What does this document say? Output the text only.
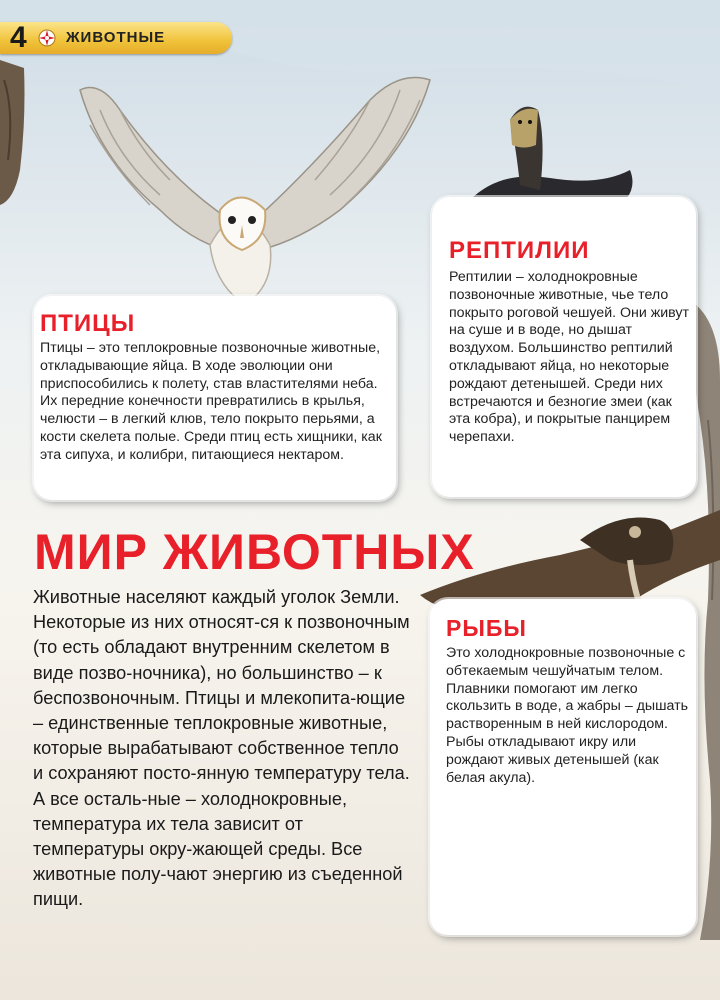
4	ЖИВОТНЫЕ
ПТИЦЫ

Птицы – это теплокровные позвоночные животные, откладывающие яйца. В ходе эволюции они приспособились к полету, став властителями неба. Их передние конечности превратились в крылья, челюсти – в легкий клюв, тело покрыто перьями, а кости скелета полые. Среди птиц есть хищники, как эта сипуха, и колибри, питающиеся нектаром.

РЕПТИЛИИ

Рептилии – холоднокровные позвоночные животные, чье тело покрыто роговой чешуей. Они живут на суше и в воде, но дышат воздухом. Большинство рептилий откладывают яйца, но некоторые рождают детенышей. Среди них встречаются и безногие змеи (как эта кобра), и покрытые панцирем черепахи.

МИР ЖИВОТНЫХ

Животные населяют каждый уголок Земли. Некоторые из них относят-ся к позвоночным (то есть обладают внутренним скелетом в виде позво-ночника), но большинство – к беспозвоночным. Птицы и млекопита-ющие – единственные теплокровные животные, которые вырабатывают собственное тепло и сохраняют посто-янную температуру тела. А все осталь-ные – холоднокровные, температура их тела зависит от температуры окру-жающей среды. Все животные полу-чают энергию из съеденной пищи.

РЫБЫ

Это холоднокровные позвоночные с обтекаемым чешуйчатым телом. Плавники помогают им легко скользить в воде, а жабры – дышать растворенным в ней кислородом. Рыбы откладывают икру или рождают живых детенышей (как белая акула).
